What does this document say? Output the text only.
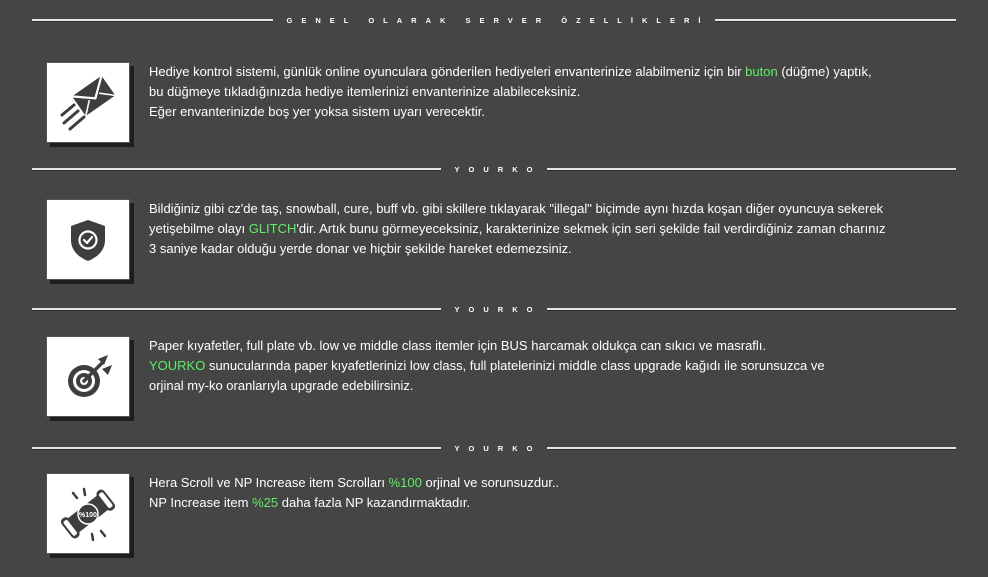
GENEL OLARAK SERVER ÖZELLİKLERİ

Hediye kontrol sistemi, günlük online oyunculara gönderilen hediyeleri envanterinize alabilmeniz için bir buton (düğme) yaptık,

bu düğmeye tıkladığınızda hediye itemlerinizi envanterinize alabileceksiniz.

Eğer envanterinizde boş yer yoksa sistem uyarı verecektir.

YOURKO

Bildiğiniz gibi cz'de taş, snowball, cure, buff vb. gibi skillere tıklayarak "illegal" biçimde aynı hızda koşan diğer oyuncuya sekerek

yetişebilme olayı GLITCH'dir. Artık bunu görmeyeceksiniz, karakterinize sekmek için seri şekilde fail verdirdiğiniz zaman charınız

3 saniye kadar olduğu yerde donar ve hiçbir şekilde hareket edemezsiniz.

YOURKO

Paper kıyafetler, full plate vb. low ve middle class itemler için BUS harcamak oldukça can sıkıcı ve masraflı.

YOURKO sunucularında paper kıyafetlerinizi low class, full platelerinizi middle class upgrade kağıdı ile sorunsuzca ve

orjinal my-ko oranlarıyla upgrade edebilirsiniz.

YOURKO
%100

Hera Scroll ve NP Increase item Scrolları %100 orjinal ve sorunsuzdur..

NP Increase item %25 daha fazla NP kazandırmaktadır.
